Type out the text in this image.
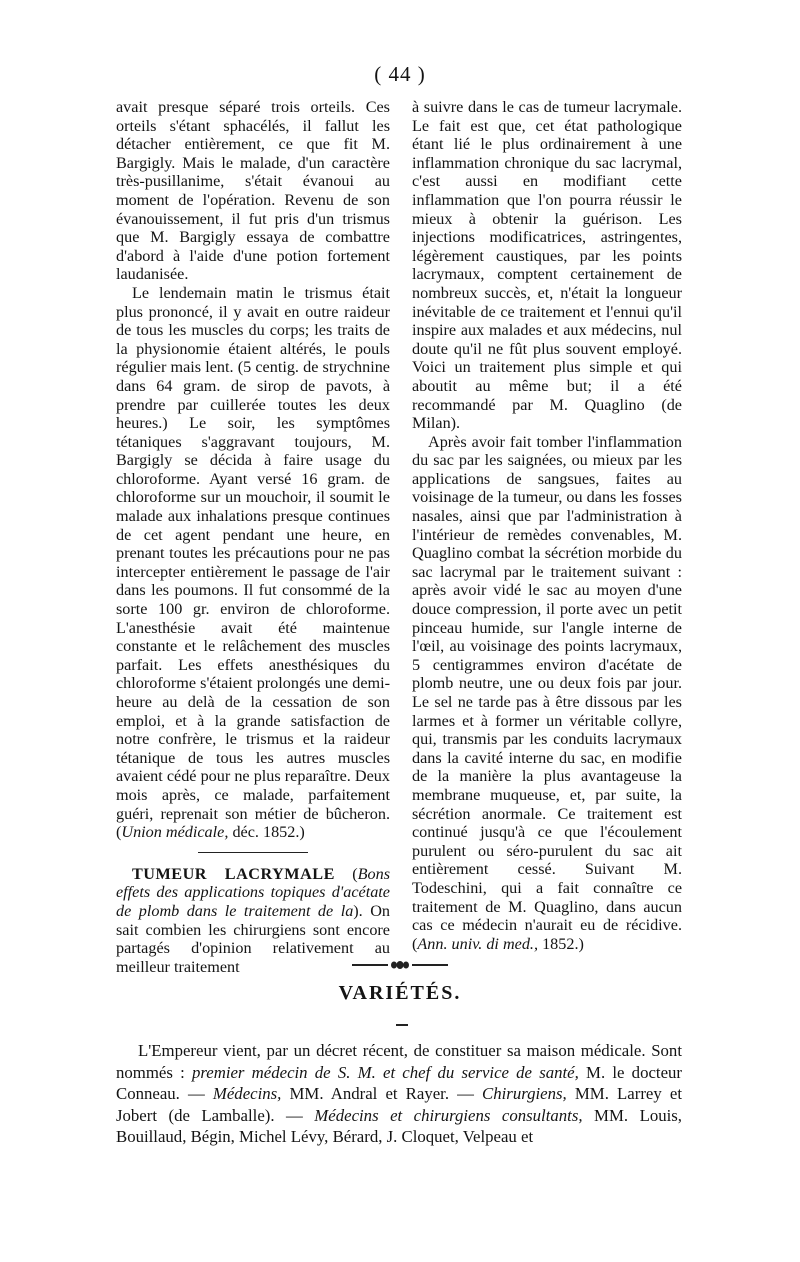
( 44 )

avait presque séparé trois orteils. Ces orteils s'étant sphacélés, il fallut les détacher entièrement, ce que fit M. Bargigly. Mais le malade, d'un caractère très-pusillanime, s'était évanoui au moment de l'opération. Revenu de son évanouissement, il fut pris d'un trismus que M. Bargigly essaya de combattre d'abord à l'aide d'une potion fortement laudanisée.

Le lendemain matin le trismus était plus prononcé, il y avait en outre raideur de tous les muscles du corps; les traits de la physionomie étaient altérés, le pouls régulier mais lent. (5 centig. de strychnine dans 64 gram. de sirop de pavots, à prendre par cuillerée toutes les deux heures.) Le soir, les symptômes tétaniques s'aggravant toujours, M. Bargigly se décida à faire usage du chloroforme. Ayant versé 16 gram. de chloroforme sur un mouchoir, il soumit le malade aux inhalations presque continues de cet agent pendant une heure, en prenant toutes les précautions pour ne pas intercepter entièrement le passage de l'air dans les poumons. Il fut consommé de la sorte 100 gr. environ de chloroforme. L'anesthésie avait été maintenue constante et le relâchement des muscles parfait. Les effets anesthésiques du chloroforme s'étaient prolongés une demi-heure au delà de la cessation de son emploi, et à la grande satisfaction de notre confrère, le trismus et la raideur tétanique de tous les autres muscles avaient cédé pour ne plus reparaître. Deux mois après, ce malade, parfaitement guéri, reprenait son métier de bûcheron. (Union médicale, déc. 1852.)

TUMEUR LACRYMALE (Bons effets des applications topiques d'acétate de plomb dans le traitement de la). On sait combien les chirurgiens sont encore partagés d'opinion relativement au meilleur traitement

à suivre dans le cas de tumeur lacrymale. Le fait est que, cet état pathologique étant lié le plus ordinairement à une inflammation chronique du sac lacrymal, c'est aussi en modifiant cette inflammation que l'on pourra réussir le mieux à obtenir la guérison. Les injections modificatrices, astringentes, légèrement caustiques, par les points lacrymaux, comptent certainement de nombreux succès, et, n'était la longueur inévitable de ce traitement et l'ennui qu'il inspire aux malades et aux médecins, nul doute qu'il ne fût plus souvent employé. Voici un traitement plus simple et qui aboutit au même but; il a été recommandé par M. Quaglino (de Milan).

Après avoir fait tomber l'inflammation du sac par les saignées, ou mieux par les applications de sangsues, faites au voisinage de la tumeur, ou dans les fosses nasales, ainsi que par l'administration à l'intérieur de remèdes convenables, M. Quaglino combat la sécrétion morbide du sac lacrymal par le traitement suivant : après avoir vidé le sac au moyen d'une douce compression, il porte avec un petit pinceau humide, sur l'angle interne de l'œil, au voisinage des points lacrymaux, 5 centigrammes environ d'acétate de plomb neutre, une ou deux fois par jour. Le sel ne tarde pas à être dissous par les larmes et à former un véritable collyre, qui, transmis par les conduits lacrymaux dans la cavité interne du sac, en modifie de la manière la plus avantageuse la membrane muqueuse, et, par suite, la sécrétion anormale. Ce traitement est continué jusqu'à ce que l'écoulement purulent ou séro-purulent du sac ait entièrement cessé. Suivant M. Todeschini, qui a fait connaître ce traitement de M. Quaglino, dans aucun cas ce médecin n'aurait eu de récidive. (Ann. univ. di med., 1852.)

VARIÉTÉS.

L'Empereur vient, par un décret récent, de constituer sa maison médicale. Sont nommés : premier médecin de S. M. et chef du service de santé, M. le docteur Conneau. — Médecins, MM. Andral et Rayer. — Chirurgiens, MM. Larrey et Jobert (de Lamballe). — Médecins et chirurgiens consultants, MM. Louis, Bouillaud, Bégin, Michel Lévy, Bérard, J. Cloquet, Velpeau et
